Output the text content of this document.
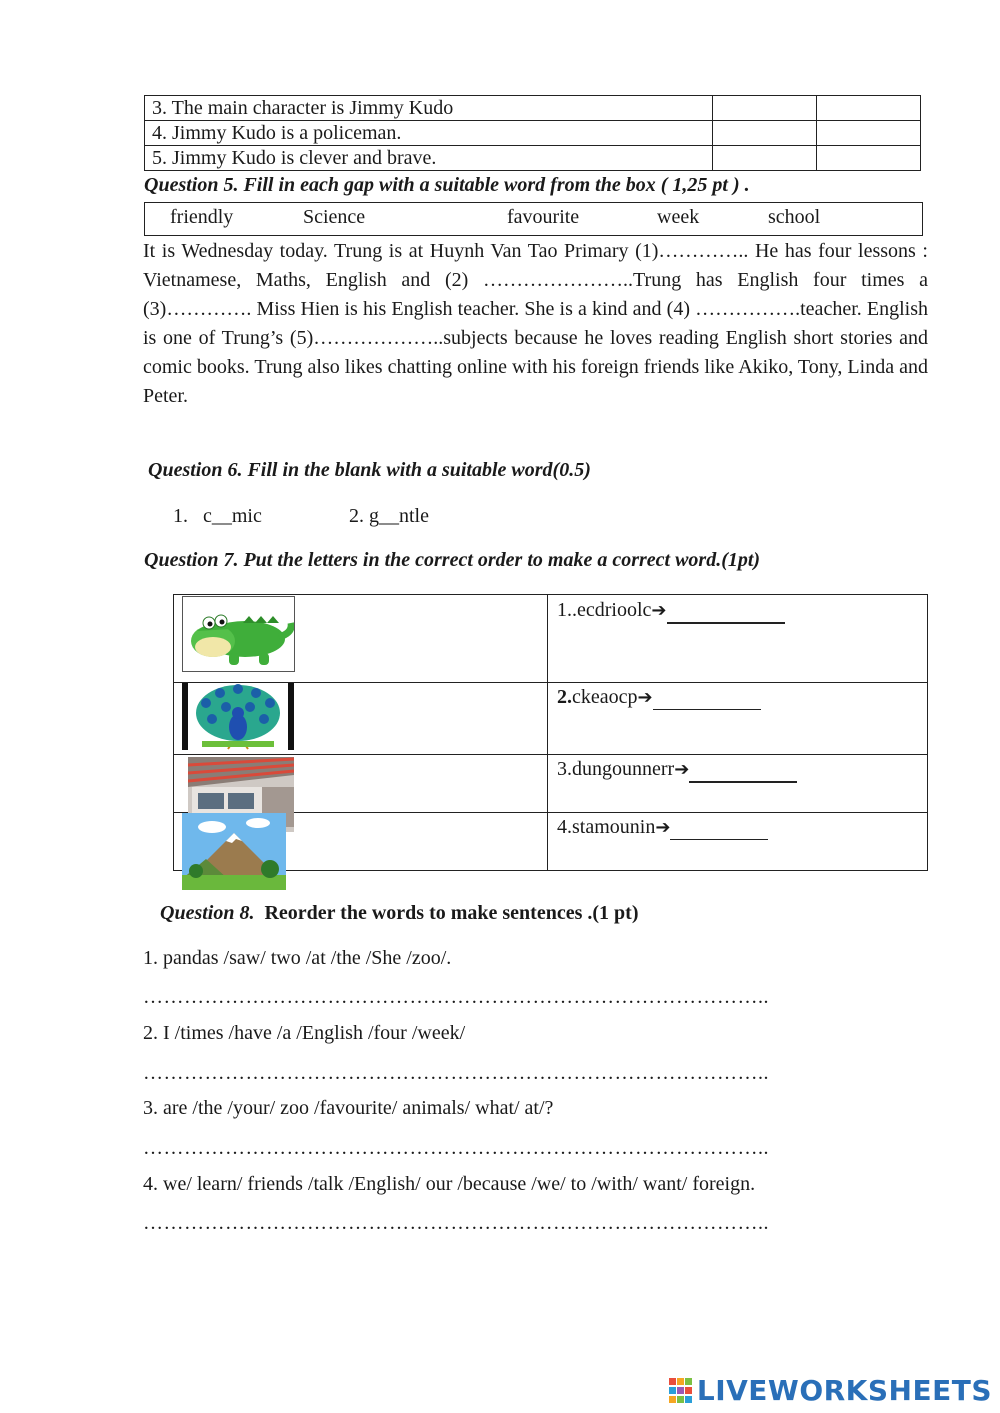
3. The main character is Jimmy Kudo		
4. Jimmy Kudo is a policeman.		
5. Jimmy Kudo is clever and brave.		
Question 5. Fill in each gap with a suitable word from the box ( 1,25 pt ) .
friendly	Science	favourite	week	school
It is Wednesday today. Trung is at Huynh Van Tao Primary (1)………….. He has four lessons : Vietnamese, Maths, English and (2) …………………..Trung has English four times a (3)…………. Miss Hien is his English teacher. She is a kind and (4) …………….teacher. English is one of Trung’s (5)………………..subjects because he loves reading English short stories and comic books. Trung also likes chatting online with his foreign friends like Akiko, Tony, Linda and Peter.
Question 6. Fill in the blank with a suitable word(0.5)
1. c__mic	2. g__ntle
Question 7. Put the letters in the correct order to make a correct word.(1pt)
1..ecdrioolc➔
2.ckeaocp➔
3.dungounnerr➔
4.stamounin➔
Question 8. Reorder the words to make sentences .(1 pt)
1. pandas /saw/ two /at /the /She /zoo/.
………………………………………………………………………………..
2. I /times /have /a /English /four /week/
………………………………………………………………………………..
3. are /the /your/ zoo /favourite/ animals/ what/ at/?
………………………………………………………………………………..
4. we/ learn/ friends /talk /English/ our /because /we/ to /with/ want/ foreign.
………………………………………………………………………………..
LIVEWORKSHEETS
